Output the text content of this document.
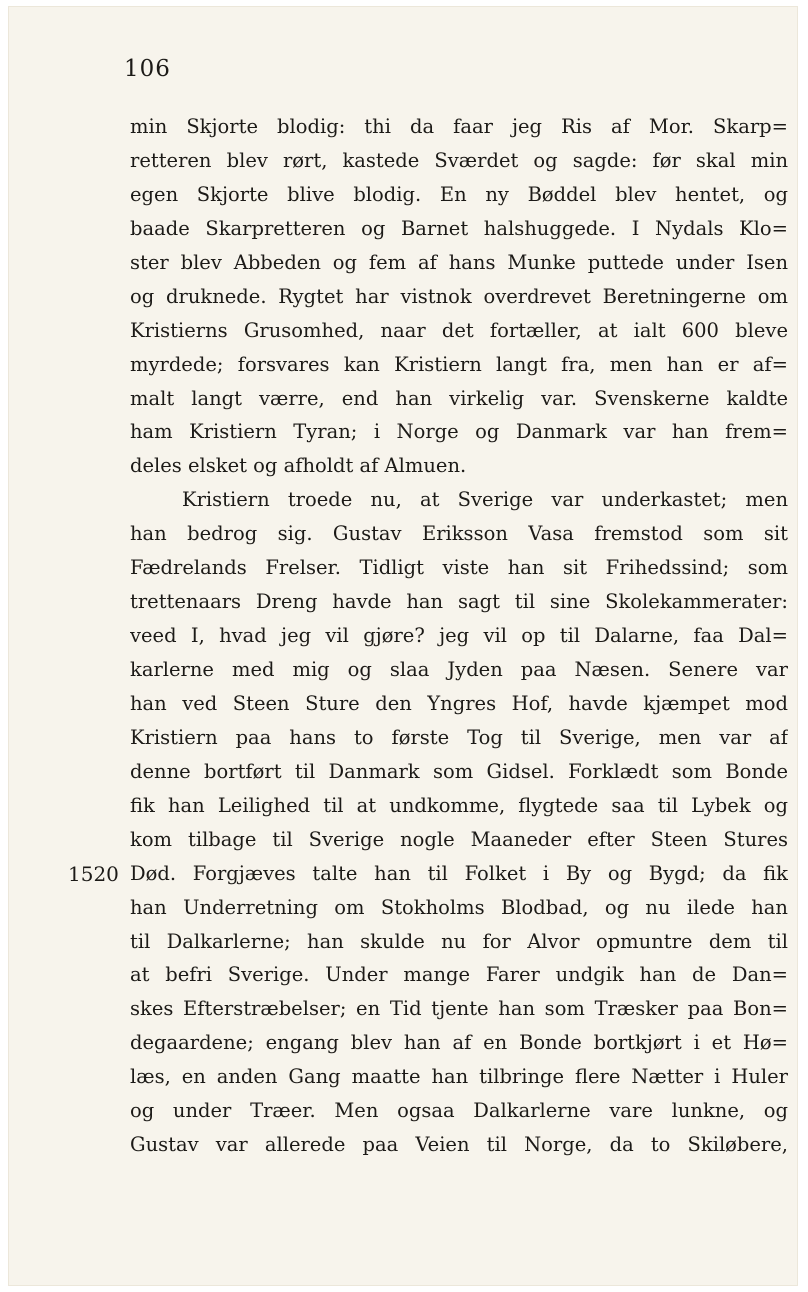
106
1520
min Skjorte blodig: thi da faar jeg Ris af Mor. Skarp=
retteren blev rørt, kastede Sværdet og sagde: før skal min
egen Skjorte blive blodig. En ny Bøddel blev hentet, og
baade Skarpretteren og Barnet halshuggede. I Nydals Klo=
ster blev Abbeden og fem af hans Munke puttede under Isen
og druknede. Rygtet har vistnok overdrevet Beretningerne om
Kristierns Grusomhed, naar det fortæller, at ialt 600 bleve
myrdede; forsvares kan Kristiern langt fra, men han er af=
malt langt værre, end han virkelig var. Svenskerne kaldte
ham Kristiern Tyran; i Norge og Danmark var han frem=
deles elsket og afholdt af Almuen.
Kristiern troede nu, at Sverige var underkastet; men
han bedrog sig. Gustav Eriksson Vasa fremstod som sit
Fædrelands Frelser. Tidligt viste han sit Frihedssind; som
trettenaars Dreng havde han sagt til sine Skolekammerater:
veed I, hvad jeg vil gjøre? jeg vil op til Dalarne, faa Dal=
karlerne med mig og slaa Jyden paa Næsen. Senere var
han ved Steen Sture den Yngres Hof, havde kjæmpet mod
Kristiern paa hans to første Tog til Sverige, men var af
denne bortført til Danmark som Gidsel. Forklædt som Bonde
fik han Leilighed til at undkomme, flygtede saa til Lybek og
kom tilbage til Sverige nogle Maaneder efter Steen Stures
Død. Forgjæves talte han til Folket i By og Bygd; da fik
han Underretning om Stokholms Blodbad, og nu ilede han
til Dalkarlerne; han skulde nu for Alvor opmuntre dem til
at befri Sverige. Under mange Farer undgik han de Dan=
skes Efterstræbelser; en Tid tjente han som Træsker paa Bon=
degaardene; engang blev han af en Bonde bortkjørt i et Hø=
læs, en anden Gang maatte han tilbringe flere Nætter i Huler
og under Træer. Men ogsaa Dalkarlerne vare lunkne, og
Gustav var allerede paa Veien til Norge, da to Skiløbere,
